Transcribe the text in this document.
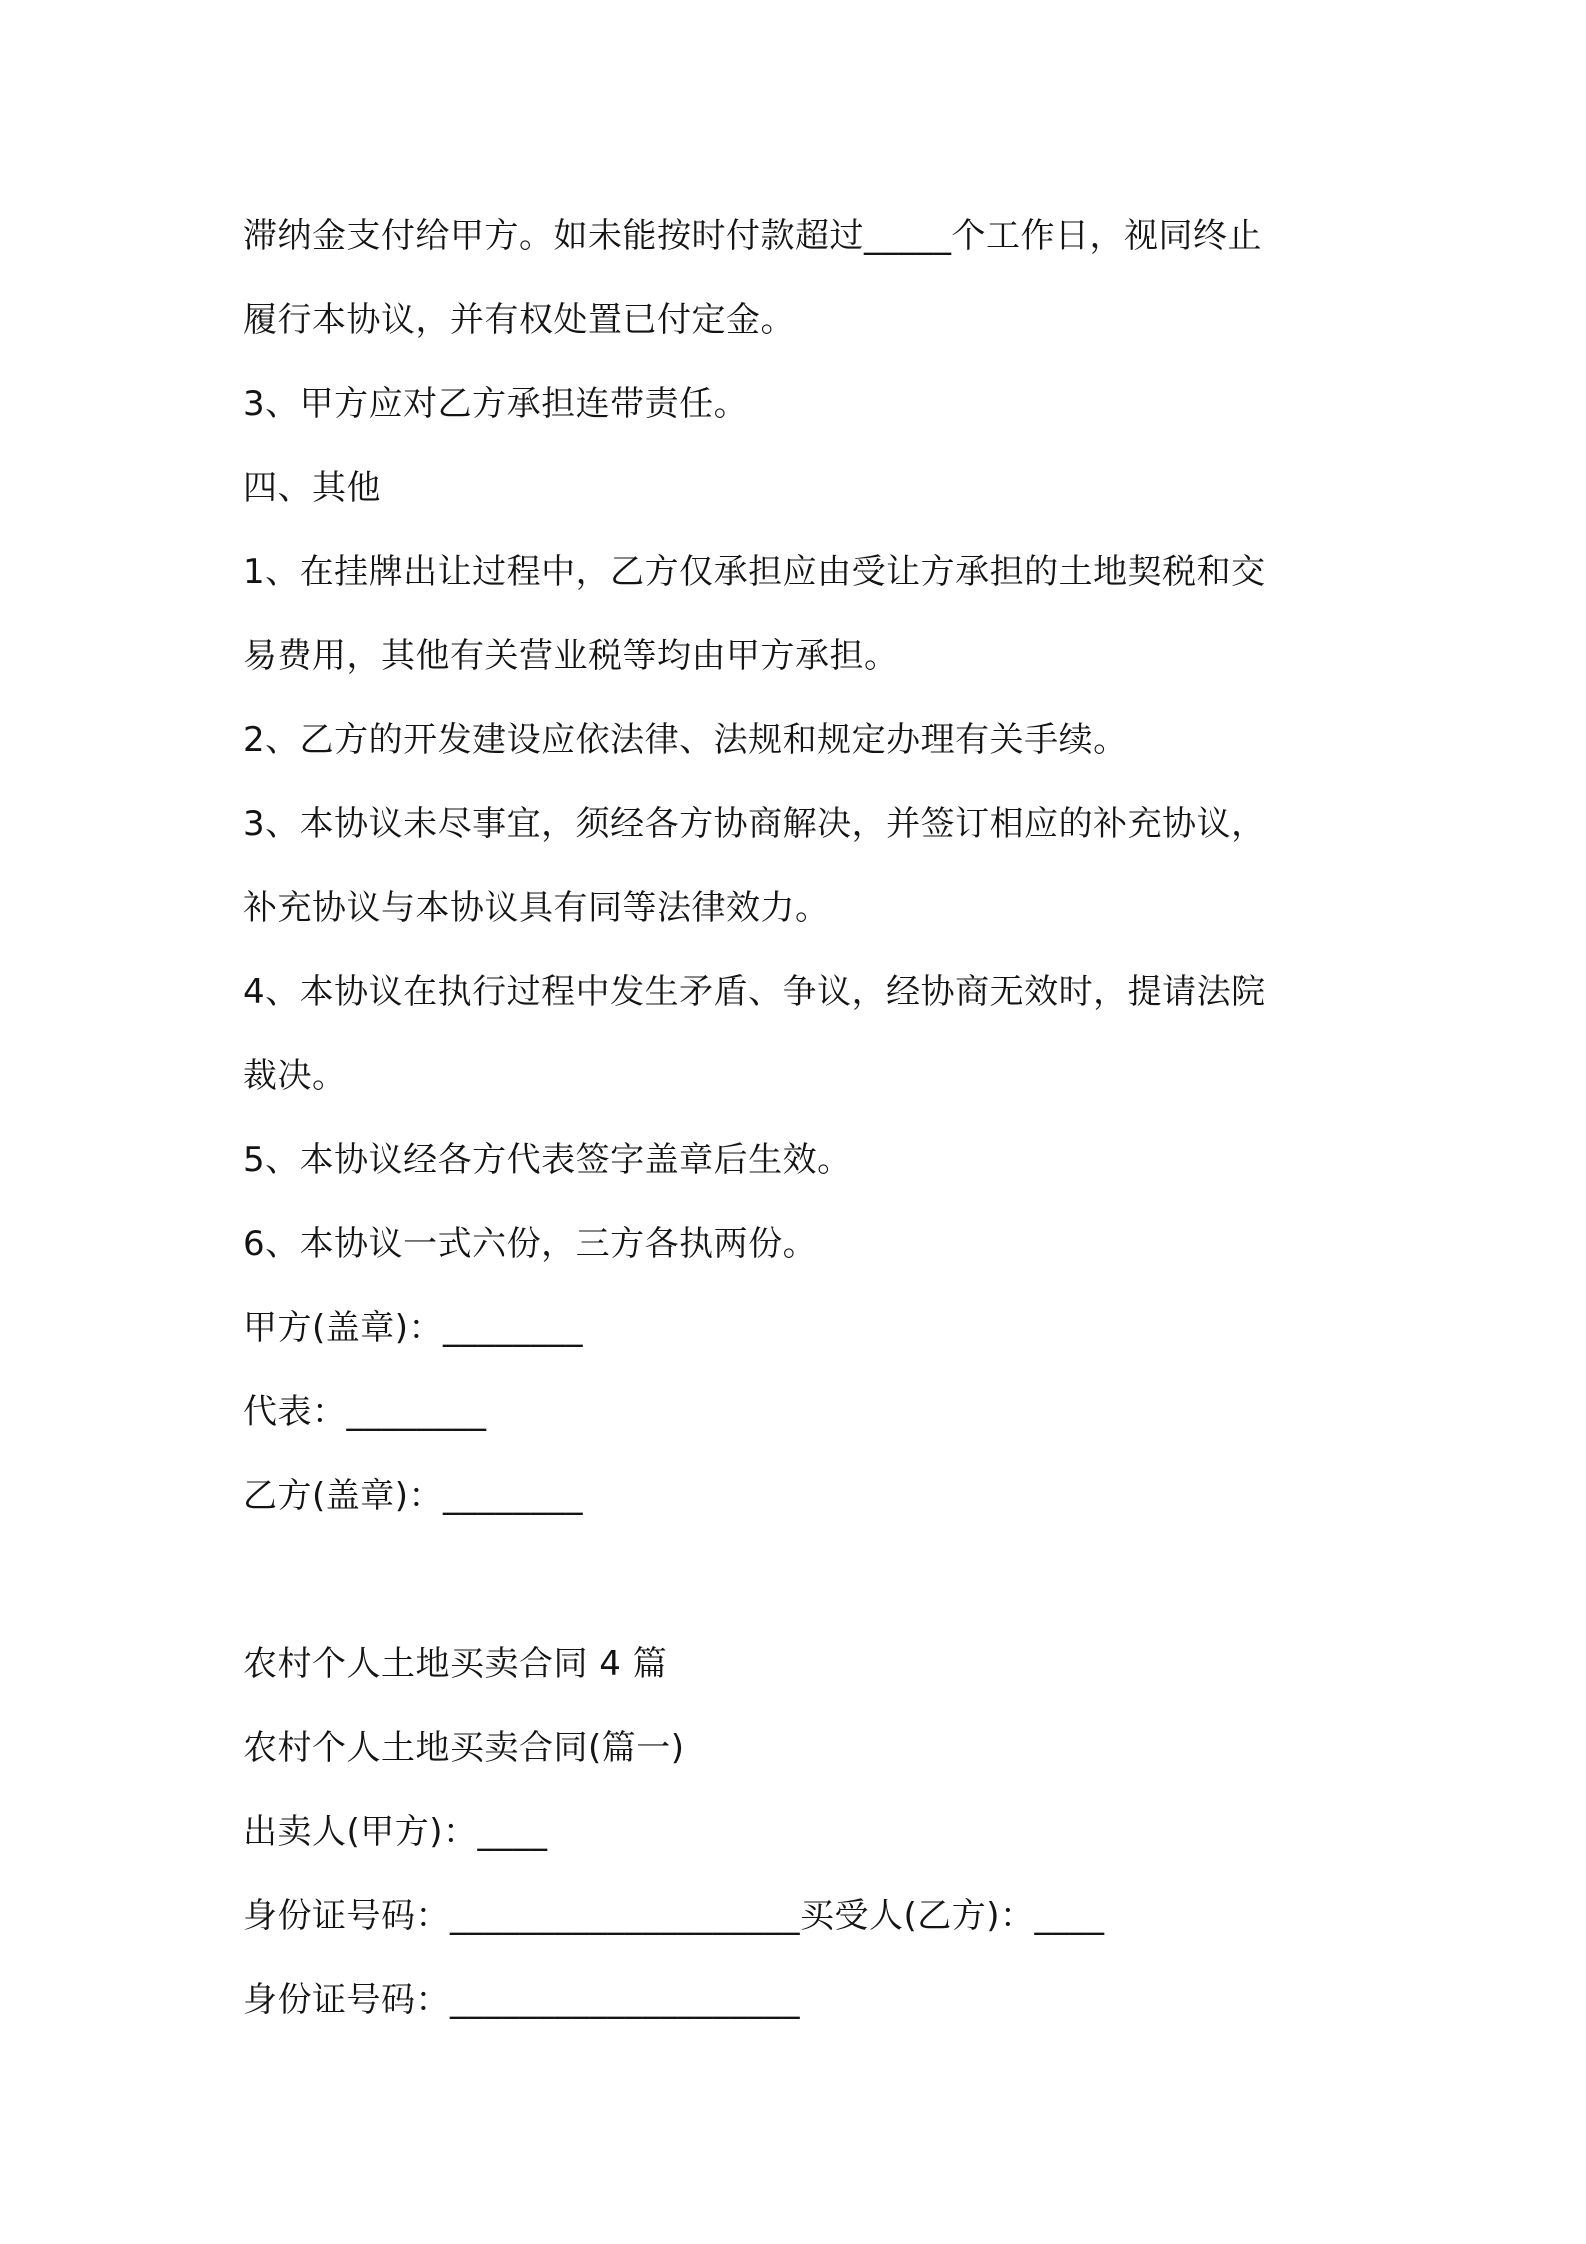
滞纳金支付给甲方。如未能按时付款超过_____个工作日，视同终止
履行本协议，并有权处置已付定金。
3、甲方应对乙方承担连带责任。
四、其他
1、在挂牌出让过程中，乙方仅承担应由受让方承担的土地契税和交
易费用，其他有关营业税等均由甲方承担。
2、乙方的开发建设应依法律、法规和规定办理有关手续。
3、本协议未尽事宜，须经各方协商解决，并签订相应的补充协议，
补充协议与本协议具有同等法律效力。
4、本协议在执行过程中发生矛盾、争议，经协商无效时，提请法院
裁决。
5、本协议经各方代表签字盖章后生效。
6、本协议一式六份，三方各执两份。
甲方(盖章)：________
代表：________
乙方(盖章)：________
农村个人土地买卖合同 4 篇
农村个人土地买卖合同(篇一)
出卖人(甲方)：____
身份证号码：____________________买受人(乙方)：____
身份证号码：____________________
